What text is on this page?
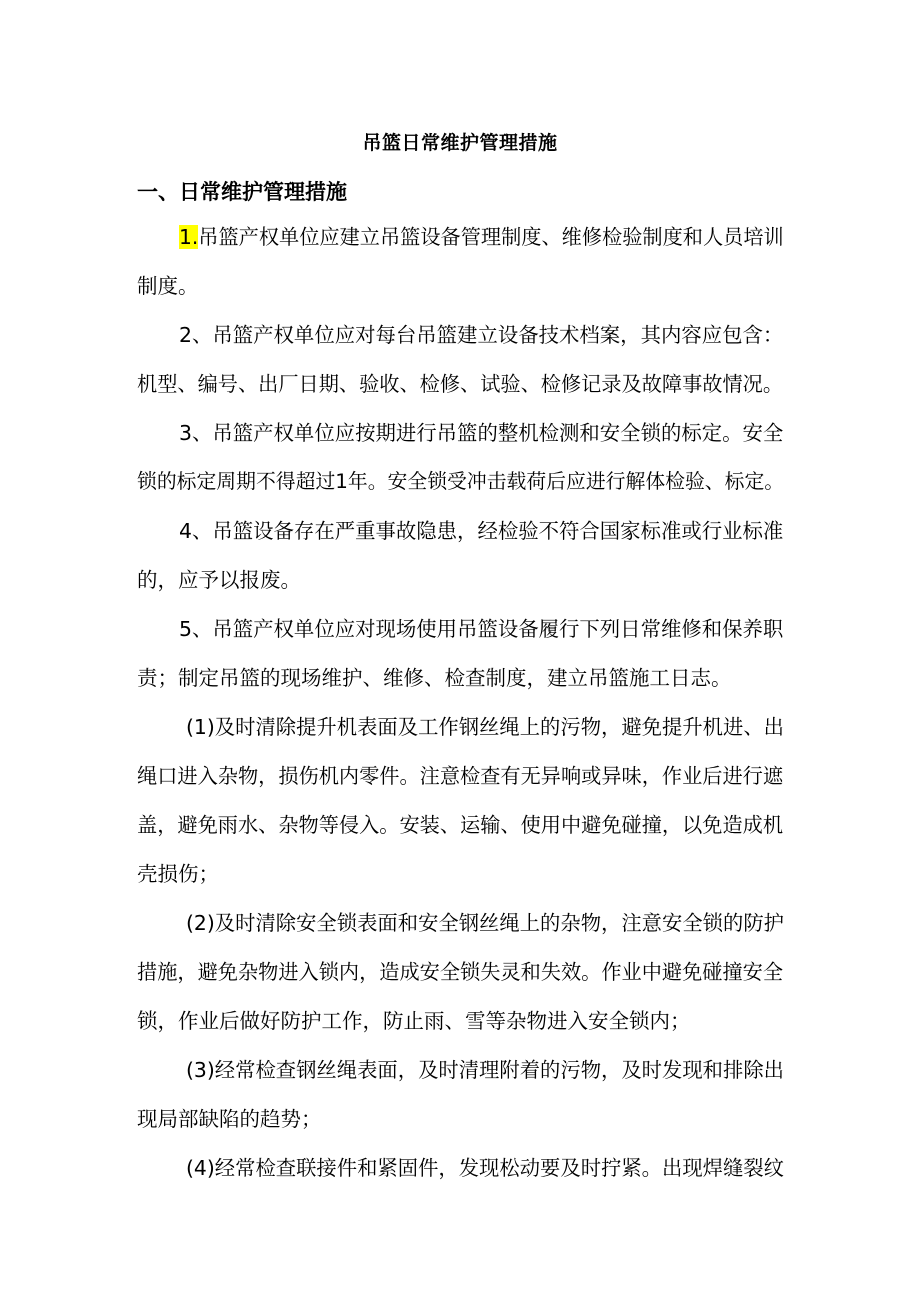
吊篮日常维护管理措施
一、日常维护管理措施
1.吊篮产权单位应建立吊篮设备管理制度、维修检验制度和人员培训
制度。
2、吊篮产权单位应对每台吊篮建立设备技术档案，其内容应包含：
机型、编号、出厂日期、验收、检修、试验、检修记录及故障事故情况。
3、吊篮产权单位应按期进行吊篮的整机检测和安全锁的标定。安全
锁的标定周期不得超过1年。安全锁受冲击载荷后应进行解体检验、标定。
4、吊篮设备存在严重事故隐患，经检验不符合国家标准或行业标准
的，应予以报废。
5、吊篮产权单位应对现场使用吊篮设备履行下列日常维修和保养职
责；制定吊篮的现场维护、维修、检查制度，建立吊篮施工日志。
(1)及时清除提升机表面及工作钢丝绳上的污物，避免提升机进、出
绳口进入杂物，损伤机内零件。注意检查有无异响或异味，作业后进行遮
盖，避免雨水、杂物等侵入。安装、运输、使用中避免碰撞，以免造成机
壳损伤；
(2)及时清除安全锁表面和安全钢丝绳上的杂物，注意安全锁的防护
措施，避免杂物进入锁内，造成安全锁失灵和失效。作业中避免碰撞安全
锁，作业后做好防护工作，防止雨、雪等杂物进入安全锁内；
(3)经常检查钢丝绳表面，及时清理附着的污物，及时发现和排除出
现局部缺陷的趋势；
(4)经常检查联接件和紧固件，发现松动要及时拧紧。出现焊缝裂纹
